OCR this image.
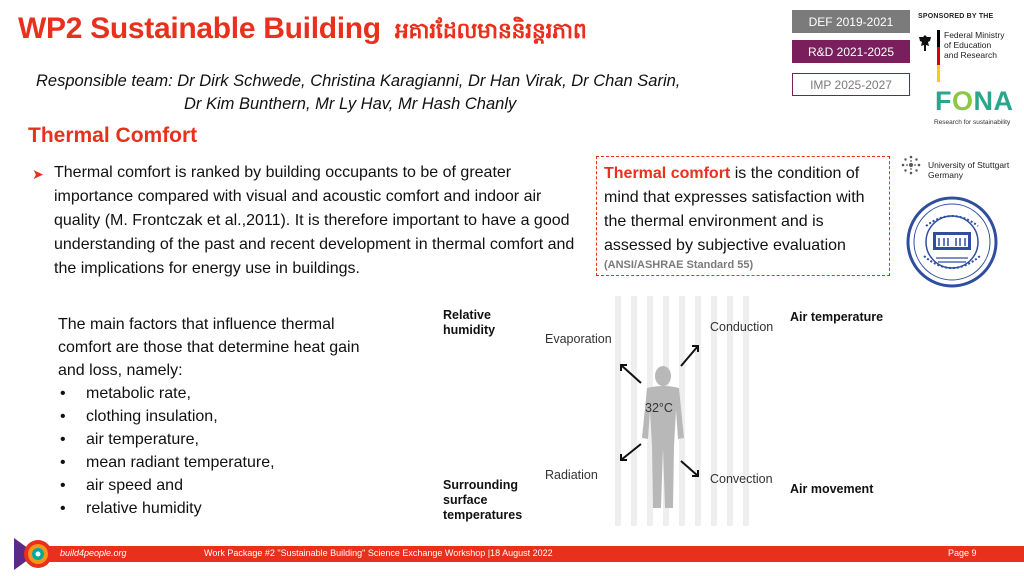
WP2 Sustainable Building អគារដែលមាននិរន្តរភាព
Responsible team: Dr Dirk Schwede, Christina Karagianni, Dr Han Virak, Dr Chan Sarin,
Dr Kim Bunthern, Mr Ly Hav, Mr Hash Chanly
DEF 2019-2021
R&D 2021-2025
IMP 2025-2027
SPONSORED BY THE
Federal Ministry
of Education
and Research
FONA
Research for sustainability
Thermal Comfort
➤ Thermal comfort is ranked by building occupants to be of greater importance compared with visual and acoustic comfort and indoor air quality (M. Frontczak et al.,2011). It is therefore important to have a good understanding of the past and recent development in thermal comfort and the implications for energy use in buildings.
Thermal comfort is the condition of mind that expresses satisfaction with the thermal environment and is assessed by subjective evaluation
(ANSI/ASHRAE Standard 55)
University of Stuttgart
Germany

The main factors that influence thermal comfort are those that determine heat gain and loss, namely:

• metabolic rate,
• clothing insulation,
• air temperature,
• mean radiant temperature,
• air speed and
• relative humidity
Relative
humidity
Evaporation
Conduction
Air temperature
32°C
Radiation	Convection
Air movement
Surrounding
surface
temperatures
build4people.org	Work Package #2 "Sustainable Building" Science Exchange Workshop |18 August 2022	Page 9
